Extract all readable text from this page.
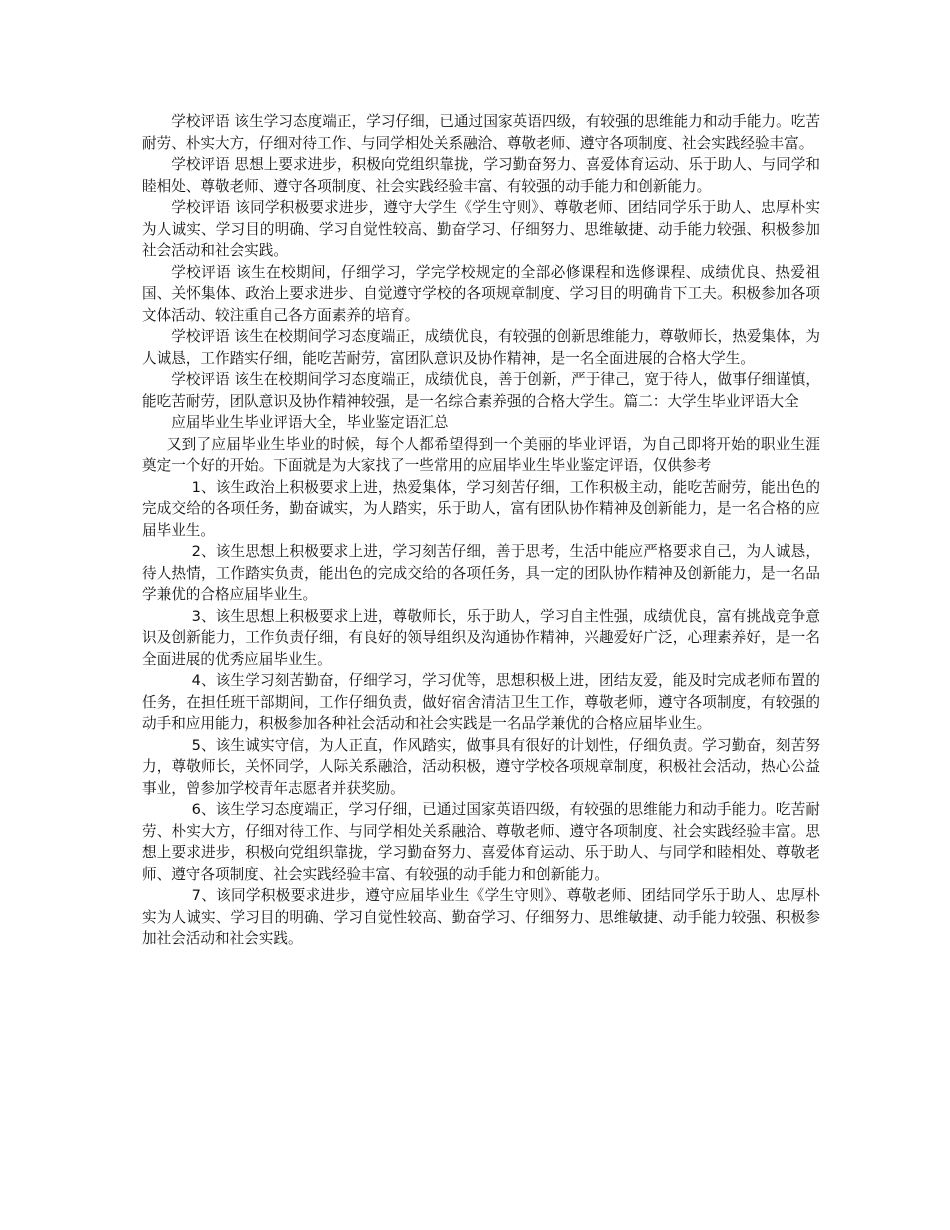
学校评语 该生学习态度端正，学习仔细，已通过国家英语四级，有较强的思维能力和动手能力。吃苦耐劳、朴实大方，仔细对待工作、与同学相处关系融洽、尊敬老师、遵守各项制度、社会实践经验丰富。

学校评语 思想上要求进步，积极向党组织靠拢，学习勤奋努力、喜爱体育运动、乐于助人、与同学和睦相处、尊敬老师、遵守各项制度、社会实践经验丰富、有较强的动手能力和创新能力。

学校评语 该同学积极要求进步，遵守大学生《学生守则》、尊敬老师、团结同学乐于助人、忠厚朴实为人诚实、学习目的明确、学习自觉性较高、勤奋学习、仔细努力、思维敏捷、动手能力较强、积极参加社会活动和社会实践。

学校评语 该生在校期间，仔细学习，学完学校规定的全部必修课程和选修课程、成绩优良、热爱祖国、关怀集体、政治上要求进步、自觉遵守学校的各项规章制度、学习目的明确肯下工夫。积极参加各项文体活动、较注重自己各方面素养的培育。

学校评语 该生在校期间学习态度端正，成绩优良，有较强的创新思维能力，尊敬师长，热爱集体，为人诚恳，工作踏实仔细，能吃苦耐劳，富团队意识及协作精神，是一名全面进展的合格大学生。

学校评语 该生在校期间学习态度端正，成绩优良，善于创新，严于律己，宽于待人，做事仔细谨慎，能吃苦耐劳，团队意识及协作精神较强，是一名综合素养强的合格大学生。篇二：大学生毕业评语大全

应届毕业生毕业评语大全，毕业鉴定语汇总

又到了应届毕业生毕业的时候，每个人都希望得到一个美丽的毕业评语，为自己即将开始的职业生涯奠定一个好的开始。下面就是为大家找了一些常用的应届毕业生毕业鉴定评语，仅供参考

1、该生政治上积极要求上进，热爱集体，学习刻苦仔细，工作积极主动，能吃苦耐劳，能出色的完成交给的各项任务，勤奋诚实，为人踏实，乐于助人，富有团队协作精神及创新能力，是一名合格的应届毕业生。

2、该生思想上积极要求上进，学习刻苦仔细，善于思考，生活中能应严格要求自己，为人诚恳，待人热情，工作踏实负责，能出色的完成交给的各项任务，具一定的团队协作精神及创新能力，是一名品学兼优的合格应届毕业生。

3、该生思想上积极要求上进，尊敬师长，乐于助人，学习自主性强，成绩优良，富有挑战竞争意识及创新能力，工作负责仔细，有良好的领导组织及沟通协作精神，兴趣爱好广泛，心理素养好，是一名全面进展的优秀应届毕业生。

4、该生学习刻苦勤奋，仔细学习，学习优等，思想积极上进，团结友爱，能及时完成老师布置的任务，在担任班干部期间，工作仔细负责，做好宿舍清洁卫生工作，尊敬老师，遵守各项制度，有较强的动手和应用能力，积极参加各种社会活动和社会实践是一名品学兼优的合格应届毕业生。

5、该生诚实守信，为人正直，作风踏实，做事具有很好的计划性，仔细负责。学习勤奋，刻苦努力，尊敬师长，关怀同学，人际关系融洽，活动积极，遵守学校各项规章制度，积极社会活动，热心公益事业，曾参加学校青年志愿者并获奖励。

6、该生学习态度端正，学习仔细，已通过国家英语四级，有较强的思维能力和动手能力。吃苦耐劳、朴实大方，仔细对待工作、与同学相处关系融洽、尊敬老师、遵守各项制度、社会实践经验丰富。思想上要求进步，积极向党组织靠拢，学习勤奋努力、喜爱体育运动、乐于助人、与同学和睦相处、尊敬老师、遵守各项制度、社会实践经验丰富、有较强的动手能力和创新能力。

7、该同学积极要求进步，遵守应届毕业生《学生守则》、尊敬老师、团结同学乐于助人、忠厚朴实为人诚实、学习目的明确、学习自觉性较高、勤奋学习、仔细努力、思维敏捷、动手能力较强、积极参加社会活动和社会实践。
